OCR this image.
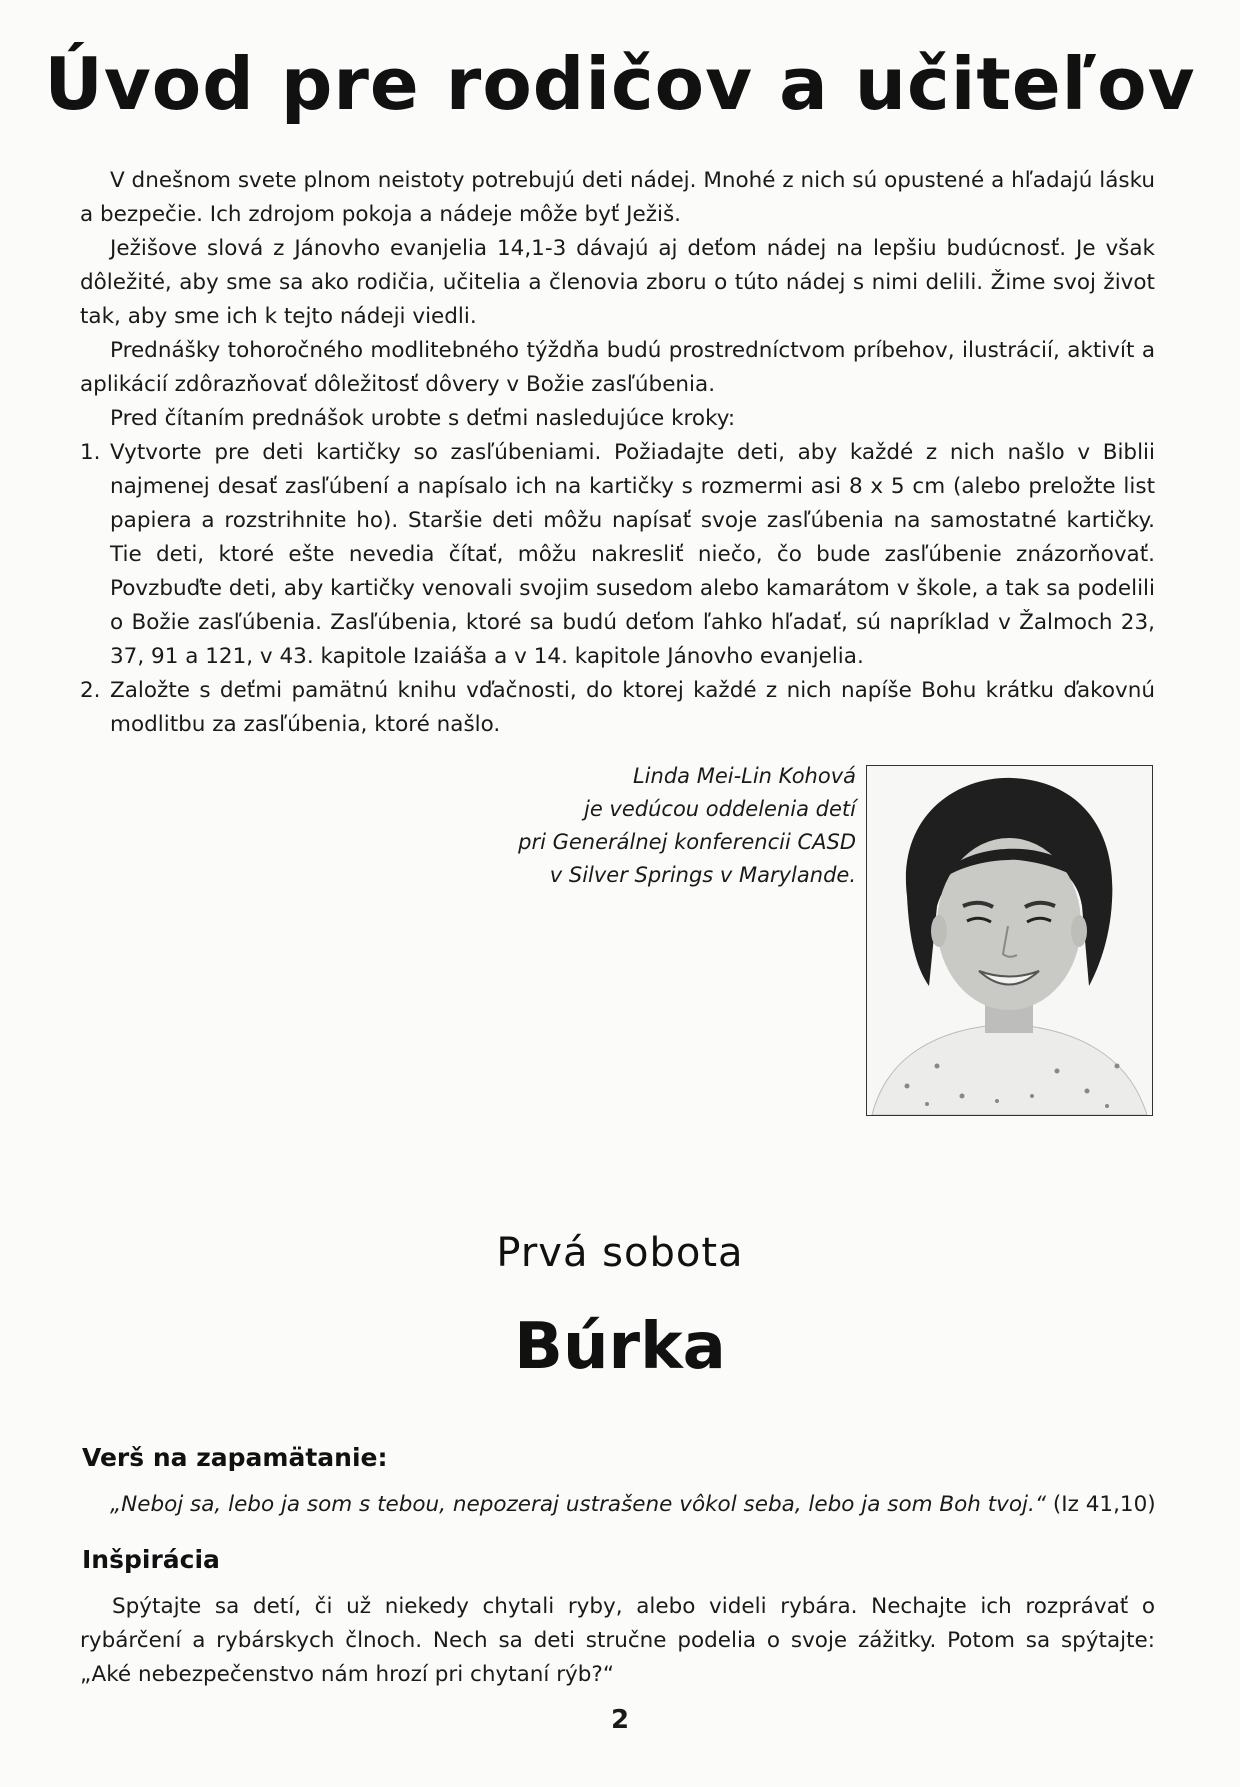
Úvod pre rodičov a učiteľov

V dnešnom svete plnom neistoty potrebujú deti nádej. Mnohé z nich sú opustené a hľadajú lásku a bezpečie. Ich zdrojom pokoja a nádeje môže byť Ježiš.

Ježišove slová z Jánovho evanjelia 14,1-3 dávajú aj deťom nádej na lepšiu budúcnosť. Je však dôležité, aby sme sa ako rodičia, učitelia a členovia zboru o túto nádej s nimi delili. Žime svoj život tak, aby sme ich k tejto nádeji viedli.

Prednášky tohoročného modlitebného týždňa budú prostredníctvom príbehov, ilustrácií, aktivít a aplikácií zdôrazňovať dôležitosť dôvery v Božie zasľúbenia.

Pred čítaním prednášok urobte s deťmi nasledujúce kroky:

1. Vytvorte pre deti kartičky so zasľúbeniami. Požiadajte deti, aby každé z nich našlo v Biblii najmenej desať zasľúbení a napísalo ich na kartičky s rozmermi asi 8 x 5 cm (alebo preložte list papiera a rozstrihnite ho). Staršie deti môžu napísať svoje zasľúbenia na samostatné kartičky. Tie deti, ktoré ešte nevedia čítať, môžu nakresliť niečo, čo bude zasľúbenie znázorňovať. Povzbuďte deti, aby kartičky venovali svojim susedom alebo kamarátom v škole, a tak sa podelili o Božie zasľúbenia. Zasľúbenia, ktoré sa budú deťom ľahko hľadať, sú napríklad v Žalmoch 23, 37, 91 a 121, v 43. kapitole Izaiáša a v 14. kapitole Jánovho evanjelia.
2. Založte s deťmi pamätnú knihu vďačnosti, do ktorej každé z nich napíše Bohu krátku ďakovnú modlitbu za zasľúbenia, ktoré našlo.
Linda Mei-Lin Kohová
je vedúcou oddelenia detí
pri Generálnej konferencii CASD
v Silver Springs v Marylande.
Prvá sobota
Búrka
Verš na zapamätanie:
„Neboj sa, lebo ja som s tebou, nepozeraj ustrašene vôkol seba, lebo ja som Boh tvoj.“ (Iz 41,10)
Inšpirácia

Spýtajte sa detí, či už niekedy chytali ryby, alebo videli rybára. Nechajte ich rozprávať o rybárčení a rybárskych člnoch. Nech sa deti stručne podelia o svoje zážitky. Potom sa spýtajte: „Aké nebezpečenstvo nám hrozí pri chytaní rýb?“

2
